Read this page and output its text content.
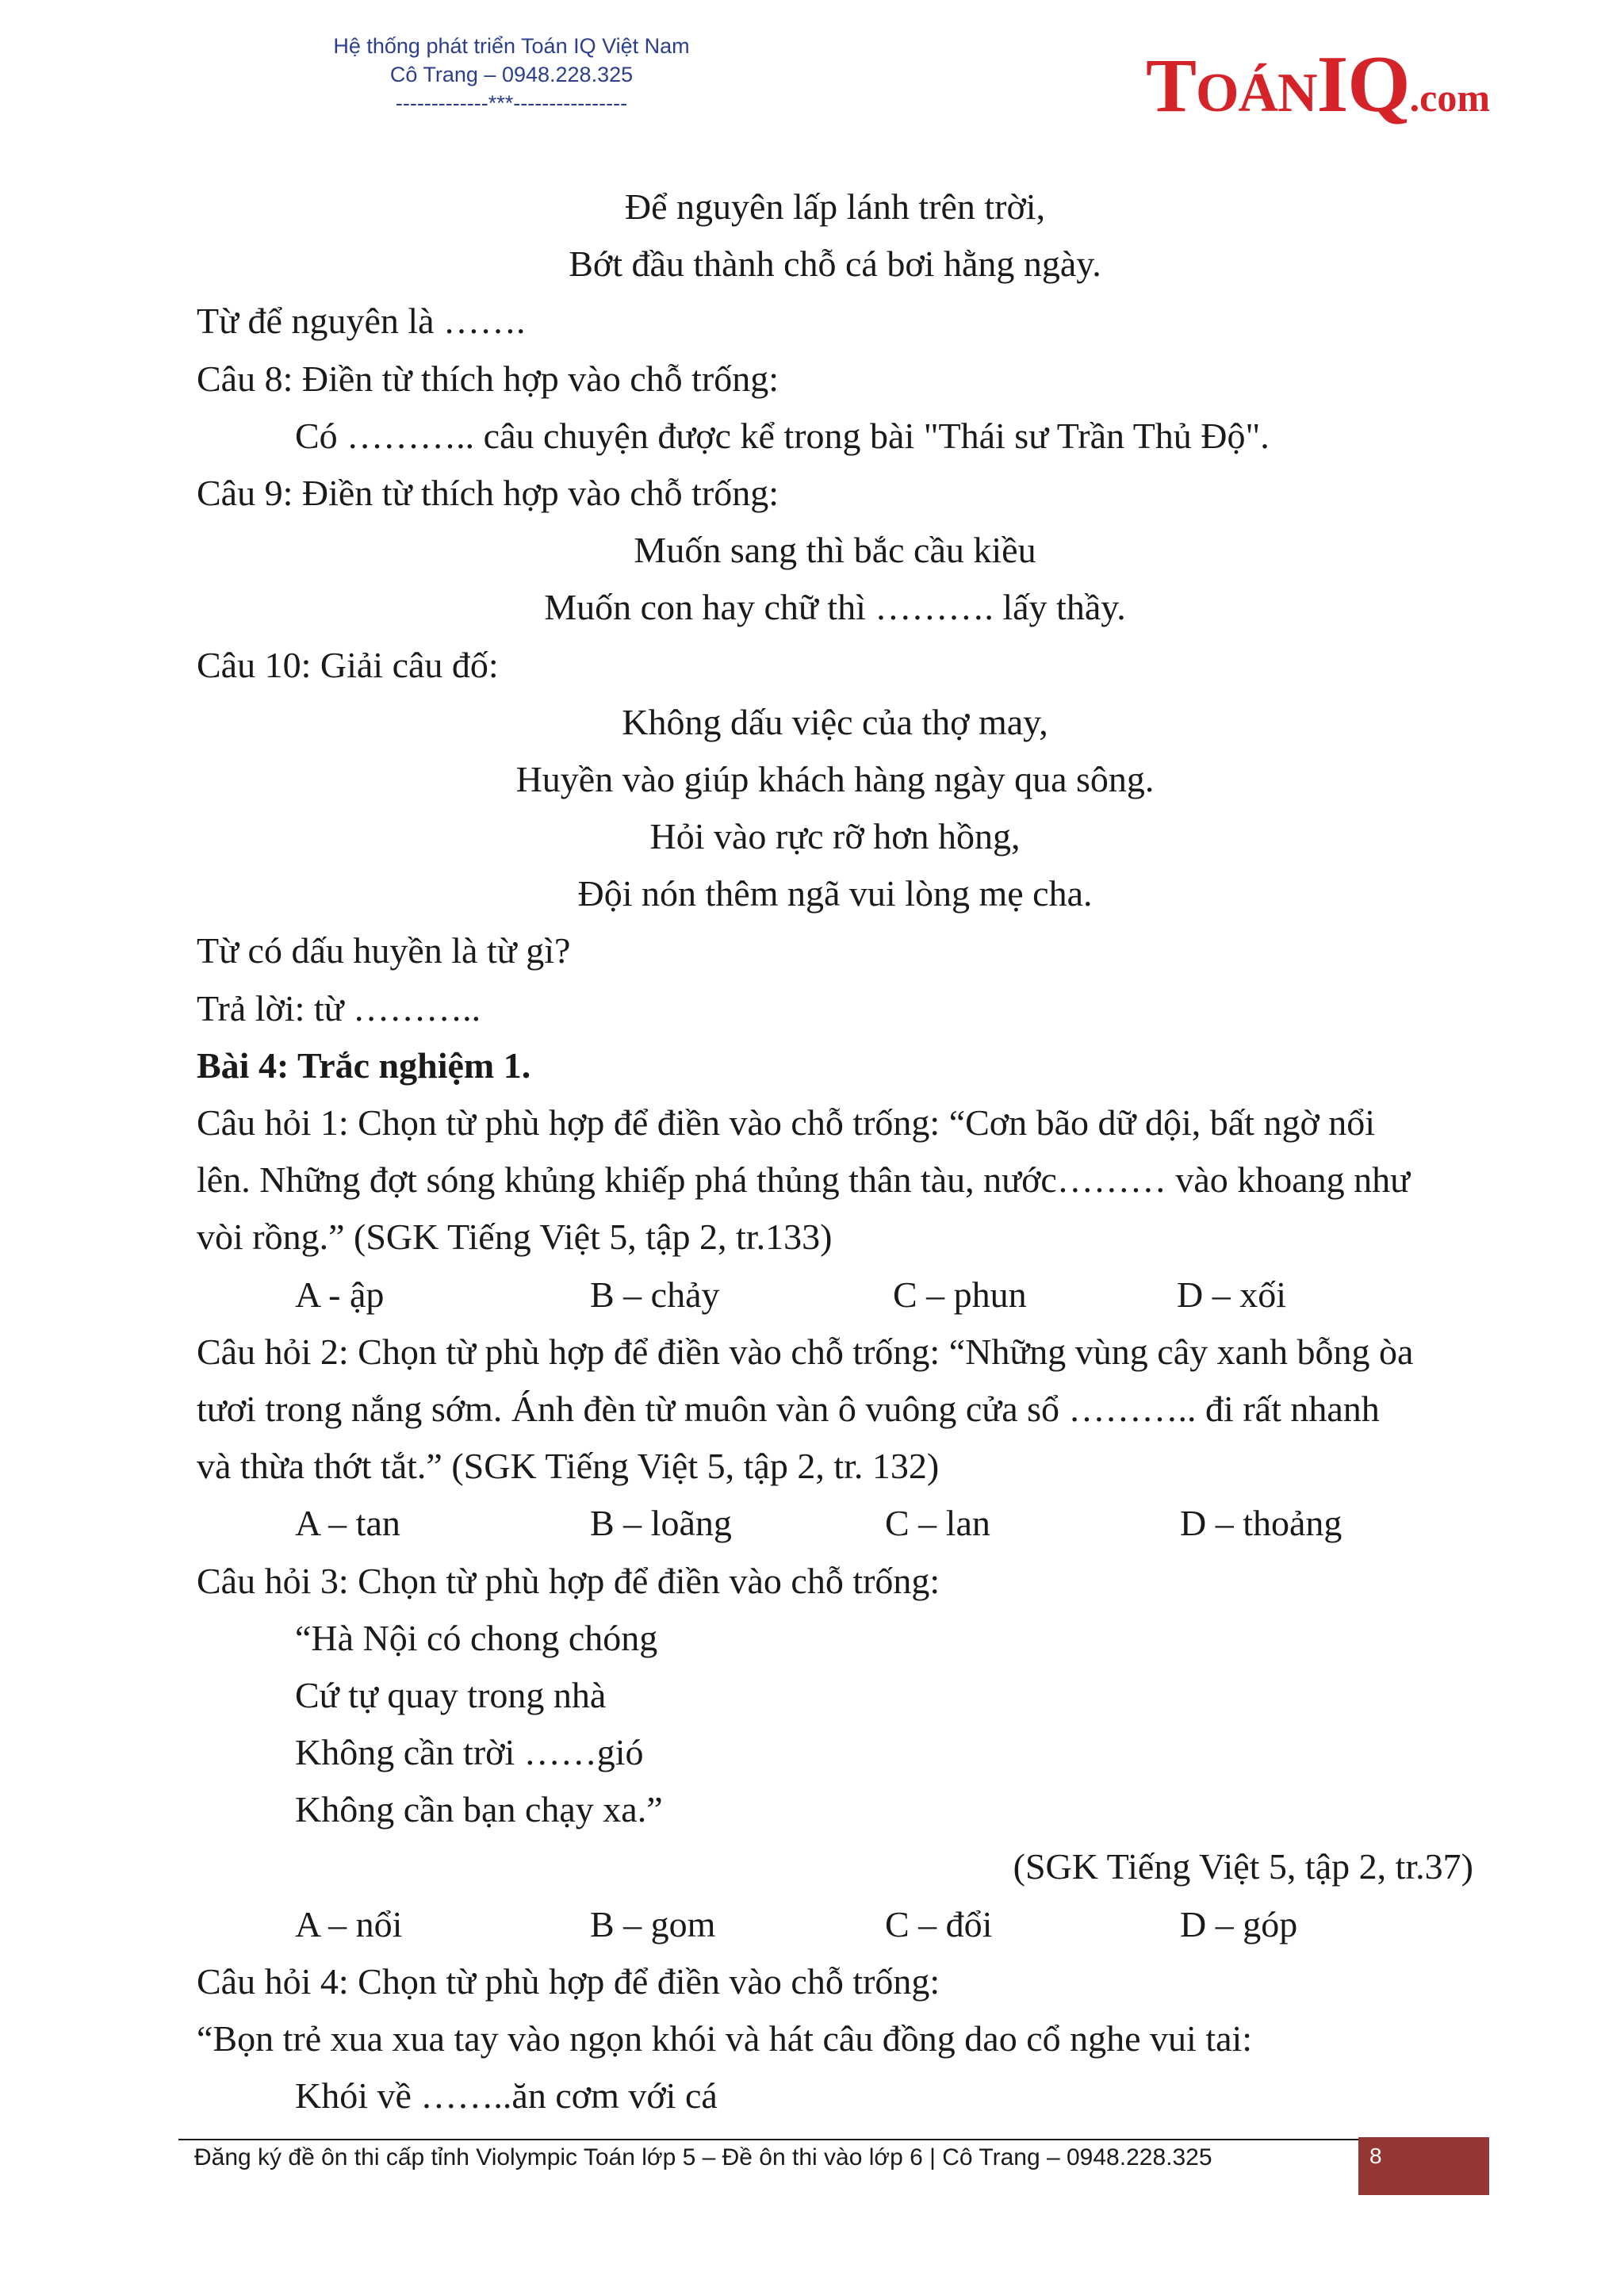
Hệ thống phát triển Toán IQ Việt Nam
Cô Trang – 0948.228.325
-------------***----------------	TOÁNIQ.com
Để nguyên lấp lánh trên trời,
Bớt đầu thành chỗ cá bơi hằng ngày.
Từ để nguyên là …….
Câu 8: Điền từ thích hợp vào chỗ trống:
Có ……….. câu chuyện được kể trong bài "Thái sư Trần Thủ Độ".
Câu 9: Điền từ thích hợp vào chỗ trống:
Muốn sang thì bắc cầu kiều
Muốn con hay chữ thì ………. lấy thầy.
Câu 10: Giải câu đố:
Không dấu việc của thợ may,
Huyền vào giúp khách hàng ngày qua sông.
Hỏi vào rực rỡ hơn hồng,
Đội nón thêm ngã vui lòng mẹ cha.
Từ có dấu huyền là từ gì?
Trả lời: từ ………..
Bài 4: Trắc nghiệm 1.
Câu hỏi 1: Chọn từ phù hợp để điền vào chỗ trống: “Cơn bão dữ dội, bất ngờ nổi
lên. Những đợt sóng khủng khiếp phá thủng thân tàu, nước……… vào khoang như
vòi rồng.” (SGK Tiếng Việt 5, tập 2, tr.133)
A - ập	B – chảy	C – phun	D – xối
Câu hỏi 2: Chọn từ phù hợp để điền vào chỗ trống: “Những vùng cây xanh bỗng òa
tươi trong nắng sớm. Ánh đèn từ muôn vàn ô vuông cửa sổ ……….. đi rất nhanh
và thừa thớt tắt.” (SGK Tiếng Việt 5, tập 2, tr. 132)
A – tan	B – loãng	C – lan	D – thoảng
Câu hỏi 3: Chọn từ phù hợp để điền vào chỗ trống:
“Hà Nội có chong chóng
Cứ tự quay trong nhà
Không cần trời ……gió
Không cần bạn chạy xa.”
(SGK Tiếng Việt 5, tập 2, tr.37)
A – nổi	B – gom	C – đổi	D – góp
Câu hỏi 4: Chọn từ phù hợp để điền vào chỗ trống:
“Bọn trẻ xua xua tay vào ngọn khói và hát câu đồng dao cổ nghe vui tai:
Khói về ……..ăn cơm với cá
Đăng ký đề ôn thi cấp tỉnh Violympic Toán lớp 5 – Đề ôn thi vào lớp 6 | Cô Trang – 0948.228.325	8
